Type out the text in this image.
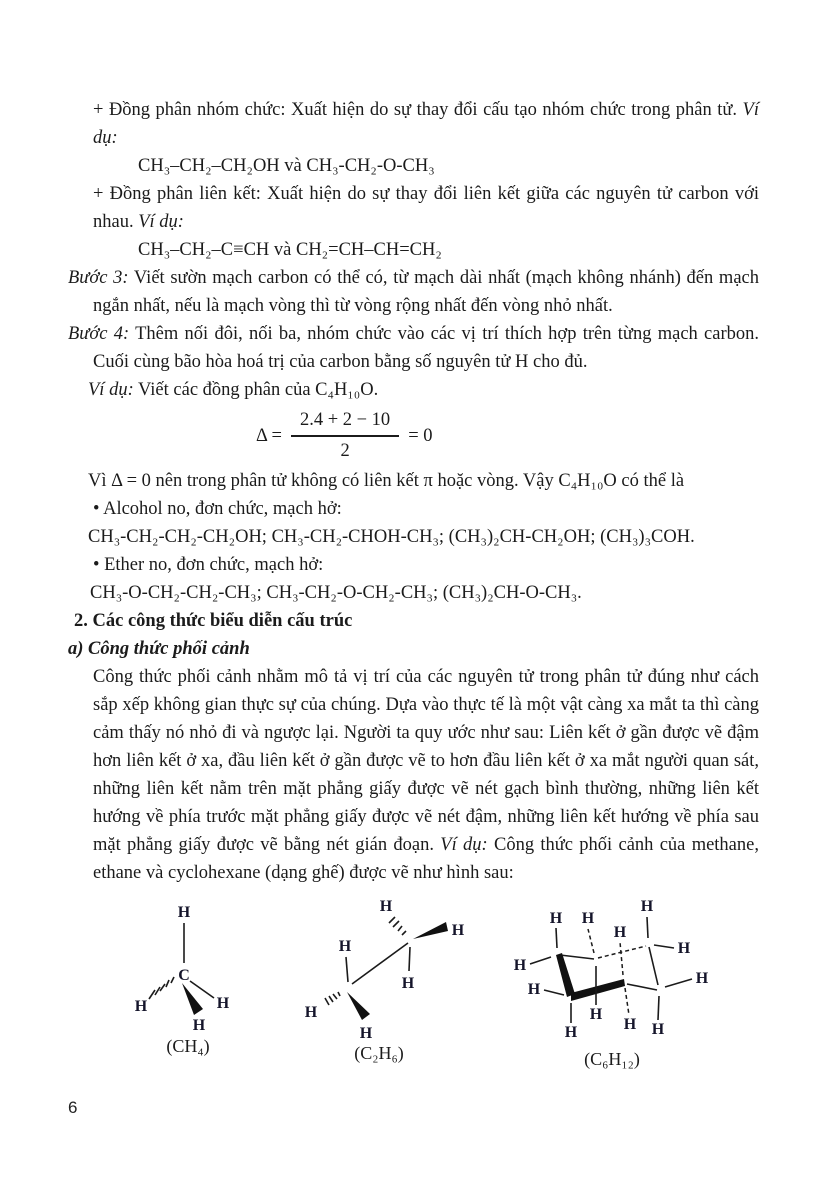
+ Đồng phân nhóm chức: Xuất hiện do sự thay đổi cấu tạo nhóm chức trong phân tử. Ví dụ:

CH₃–CH₂–CH₂OH và CH₃-CH₂-O-CH₃

+ Đồng phân liên kết: Xuất hiện do sự thay đổi liên kết giữa các nguyên tử carbon với nhau. Ví dụ:

CH₃–CH₂–C≡CH và CH₂=CH–CH=CH₂

Bước 3: Viết sườn mạch carbon có thể có, từ mạch dài nhất (mạch không nhánh) đến mạch ngắn nhất, nếu là mạch vòng thì từ vòng rộng nhất đến vòng nhỏ nhất.

Bước 4: Thêm nối đôi, nối ba, nhóm chức vào các vị trí thích hợp trên từng mạch carbon. Cuối cùng bão hòa hoá trị của carbon bằng số nguyên tử H cho đủ.

Ví dụ: Viết các đồng phân của C₄H₁₀O.

$\Delta = \frac{2.4 + 2 - 10}{2} = 0$

Vì Δ = 0 nên trong phân tử không có liên kết π hoặc vòng. Vậy C₄H₁₀O có thể là

• Alcohol no, đơn chức, mạch hở:

CH₃-CH₂-CH₂-CH₂OH; CH₃-CH₂-CHOH-CH₃; (CH₃)₂CH-CH₂OH; (CH₃)₃COH.

• Ether no, đơn chức, mạch hở:

CH₃-O-CH₂-CH₂-CH₃; CH₃-CH₂-O-CH₂-CH₃; (CH₃)₂CH-O-CH₃.

2. Các công thức biểu diễn cấu trúc

a) Công thức phối cảnh

Công thức phối cảnh nhằm mô tả vị trí của các nguyên tử trong phân tử đúng như cách sắp xếp không gian thực sự của chúng. Dựa vào thực tế là một vật càng xa mắt ta thì càng cảm thấy nó nhỏ đi và ngược lại. Người ta quy ước như sau: Liên kết ở gần được vẽ đậm hơn liên kết ở xa, đầu liên kết ở gần được vẽ to hơn đầu liên kết ở xa mắt người quan sát, những liên kết nằm trên mặt phẳng giấy được vẽ nét gạch bình thường, những liên kết hướng về phía trước mặt phẳng giấy được vẽ nét đậm, những liên kết hướng về phía sau mặt phẳng giấy được vẽ bằng nét gián đoạn. Ví dụ: Công thức phối cảnh của methane, ethane và cyclohexane (dạng ghế) được vẽ như hình sau:

H
C
H	H
H
(CH₄)
H
H
H
H
H
H
(C₂H₆)
H H
H
H
H
H
H
H
H
H
H H
(C₆H₁₂)
6
